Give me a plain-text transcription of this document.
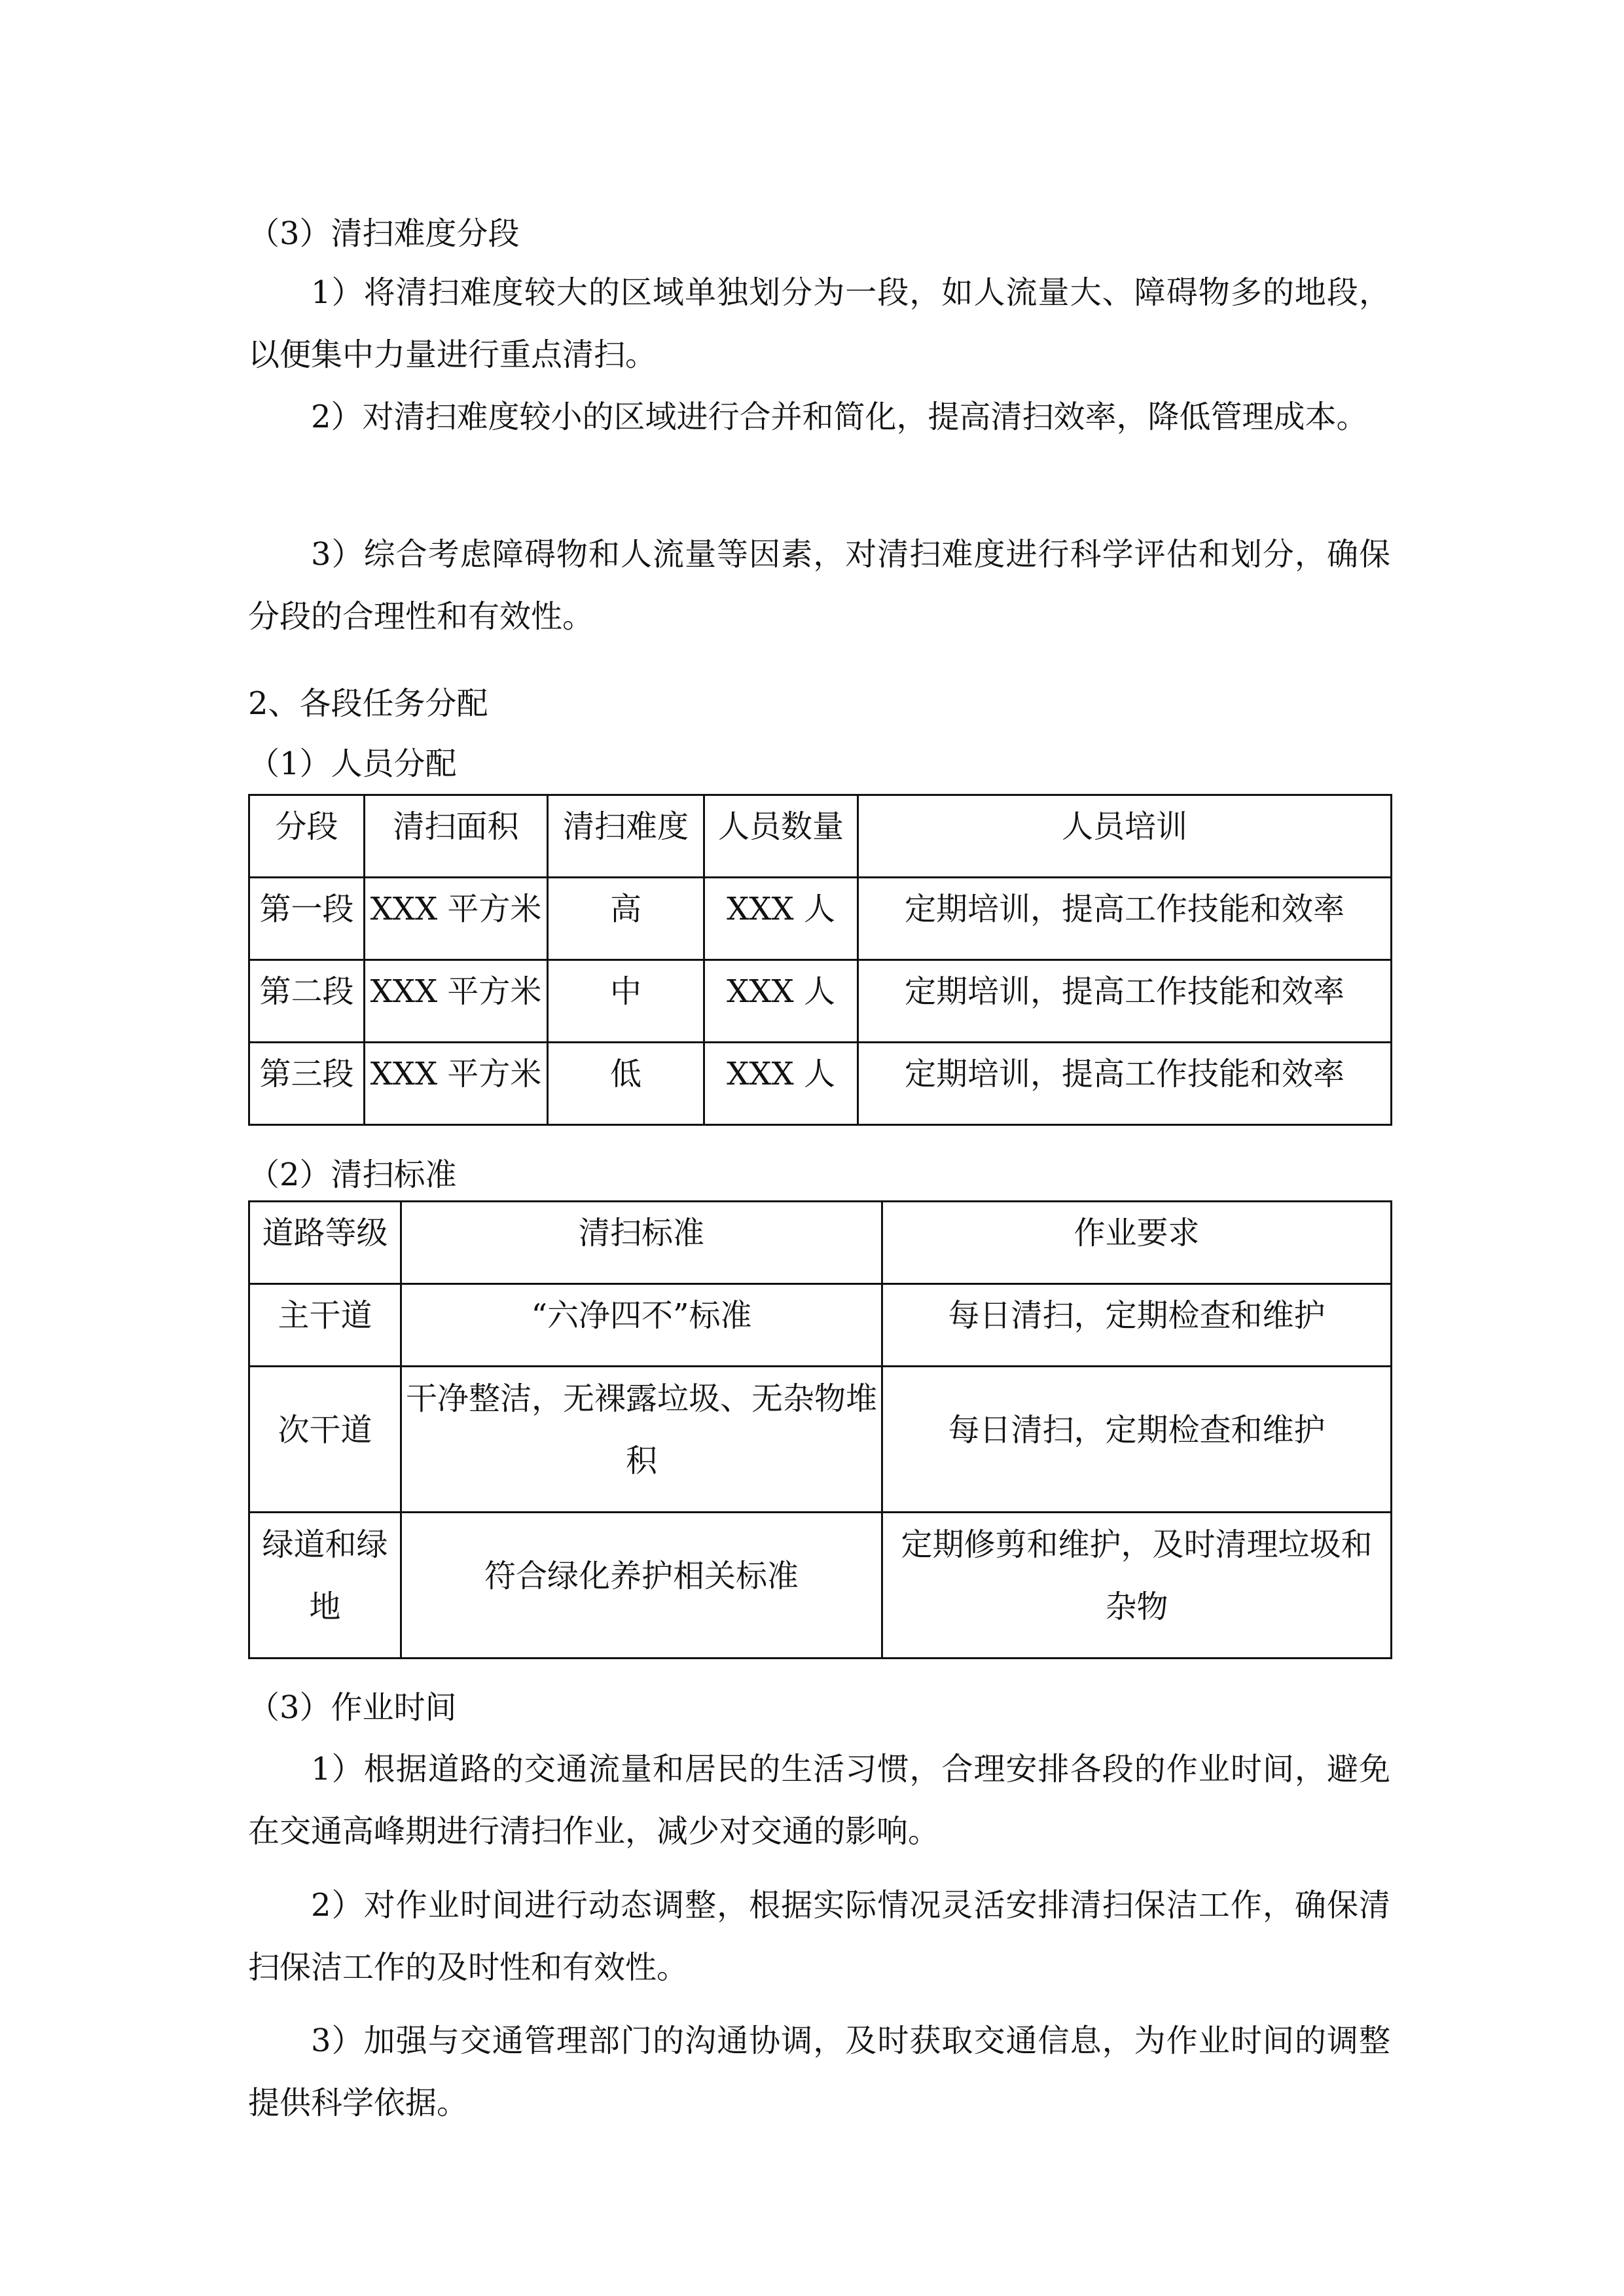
（3）清扫难度分段
1）将清扫难度较大的区域单独划分为一段，如人流量大、障碍物多的地段，以便集中力量进行重点清扫。
2）对清扫难度较小的区域进行合并和简化，提高清扫效率，降低管理成本。
3）综合考虑障碍物和人流量等因素，对清扫难度进行科学评估和划分，确保分段的合理性和有效性。
2、各段任务分配
（1）人员分配
分段	清扫面积	清扫难度	人员数量	人员培训
第一段	XXX 平方米	高	XXX 人	定期培训，提高工作技能和效率
第二段	XXX 平方米	中	XXX 人	定期培训，提高工作技能和效率
第三段	XXX 平方米	低	XXX 人	定期培训，提高工作技能和效率
（2）清扫标准
道路等级	清扫标准	作业要求
主干道	“六净四不”标准	每日清扫，定期检查和维护
次干道	干净整洁，无裸露垃圾、无杂物堆积	每日清扫，定期检查和维护
绿道和绿地	符合绿化养护相关标准	定期修剪和维护，及时清理垃圾和杂物
（3）作业时间
1）根据道路的交通流量和居民的生活习惯，合理安排各段的作业时间，避免在交通高峰期进行清扫作业，减少对交通的影响。
2）对作业时间进行动态调整，根据实际情况灵活安排清扫保洁工作，确保清扫保洁工作的及时性和有效性。
3）加强与交通管理部门的沟通协调，及时获取交通信息，为作业时间的调整提供科学依据。
